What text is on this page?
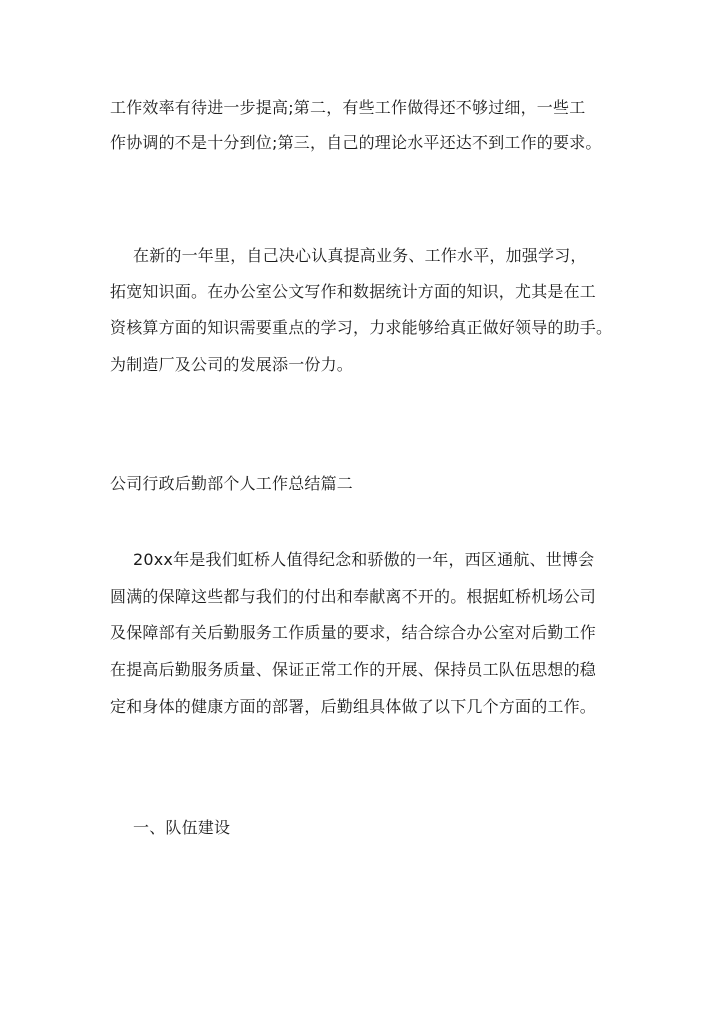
工作效率有待进一步提高;第二，有些工作做得还不够过细，一些工
作协调的不是十分到位;第三，自己的理论水平还达不到工作的要求。
在新的一年里，自己决心认真提高业务、工作水平，加强学习，
拓宽知识面。在办公室公文写作和数据统计方面的知识，尤其是在工
资核算方面的知识需要重点的学习，力求能够给真正做好领导的助手。
为制造厂及公司的发展添一份力。
公司行政后勤部个人工作总结篇二
20xx年是我们虹桥人值得纪念和骄傲的一年，西区通航、世博会
圆满的保障这些都与我们的付出和奉献离不开的。根据虹桥机场公司
及保障部有关后勤服务工作质量的要求，结合综合办公室对后勤工作
在提高后勤服务质量、保证正常工作的开展、保持员工队伍思想的稳
定和身体的健康方面的部署，后勤组具体做了以下几个方面的工作。
一、队伍建设
